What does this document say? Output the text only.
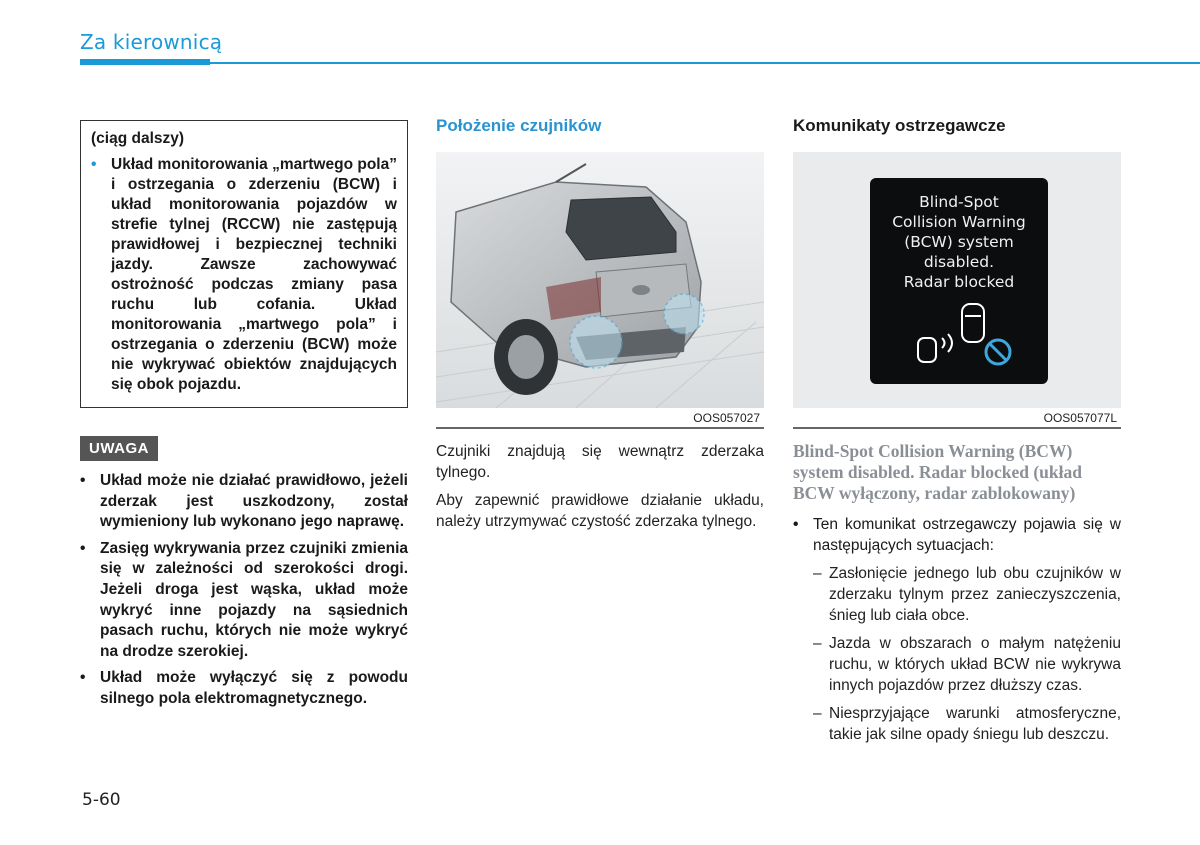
Za kierownicą
(ciąg dalszy)
• Układ monitorowania „martwego pola” i ostrzegania o zderzeniu (BCW) i układ monitorowania pojazdów w strefie tylnej (RCCW) nie zastępują prawidłowej i bezpiecznej techniki jazdy. Zawsze zachowywać ostrożność podczas zmiany pasa ruchu lub cofania. Układ monitorowania „martwego pola” i ostrzegania o zderzeniu (BCW) może nie wykrywać obiektów znajdujących się obok pojazdu.
UWAGA
• Układ może nie działać prawidłowo, jeżeli zderzak jest uszkodzony, został wymieniony lub wykonano jego naprawę.
• Zasięg wykrywania przez czujniki zmienia się w zależności od szerokości drogi. Jeżeli droga jest wąska, układ może wykryć inne pojazdy na sąsiednich pasach ruchu, których nie może wykryć na drodze szerokiej.
• Układ może wyłączyć się z powodu silnego pola elektromagnetycznego.
Położenie czujników
OOS057027
Czujniki znajdują się wewnątrz zderzaka tylnego.
Aby zapewnić prawidłowe działanie układu, należy utrzymywać czystość zderzaka tylnego.
Komunikaty ostrzegawcze
Blind-Spot
Collision Warning
(BCW) system
disabled.
Radar blocked
OOS057077L
Blind-Spot Collision Warning (BCW) system disabled. Radar blocked (układ BCW wyłączony, radar zablokowany)
• Ten komunikat ostrzegawczy pojawia się w następujących sytuacjach:
– Zasłonięcie jednego lub obu czujników w zderzaku tylnym przez zanieczyszczenia, śnieg lub ciała obce.
– Jazda w obszarach o małym natężeniu ruchu, w których układ BCW nie wykrywa innych pojazdów przez dłuższy czas.
– Niesprzyjające warunki atmosferyczne, takie jak silne opady śniegu lub deszczu.
5-60
